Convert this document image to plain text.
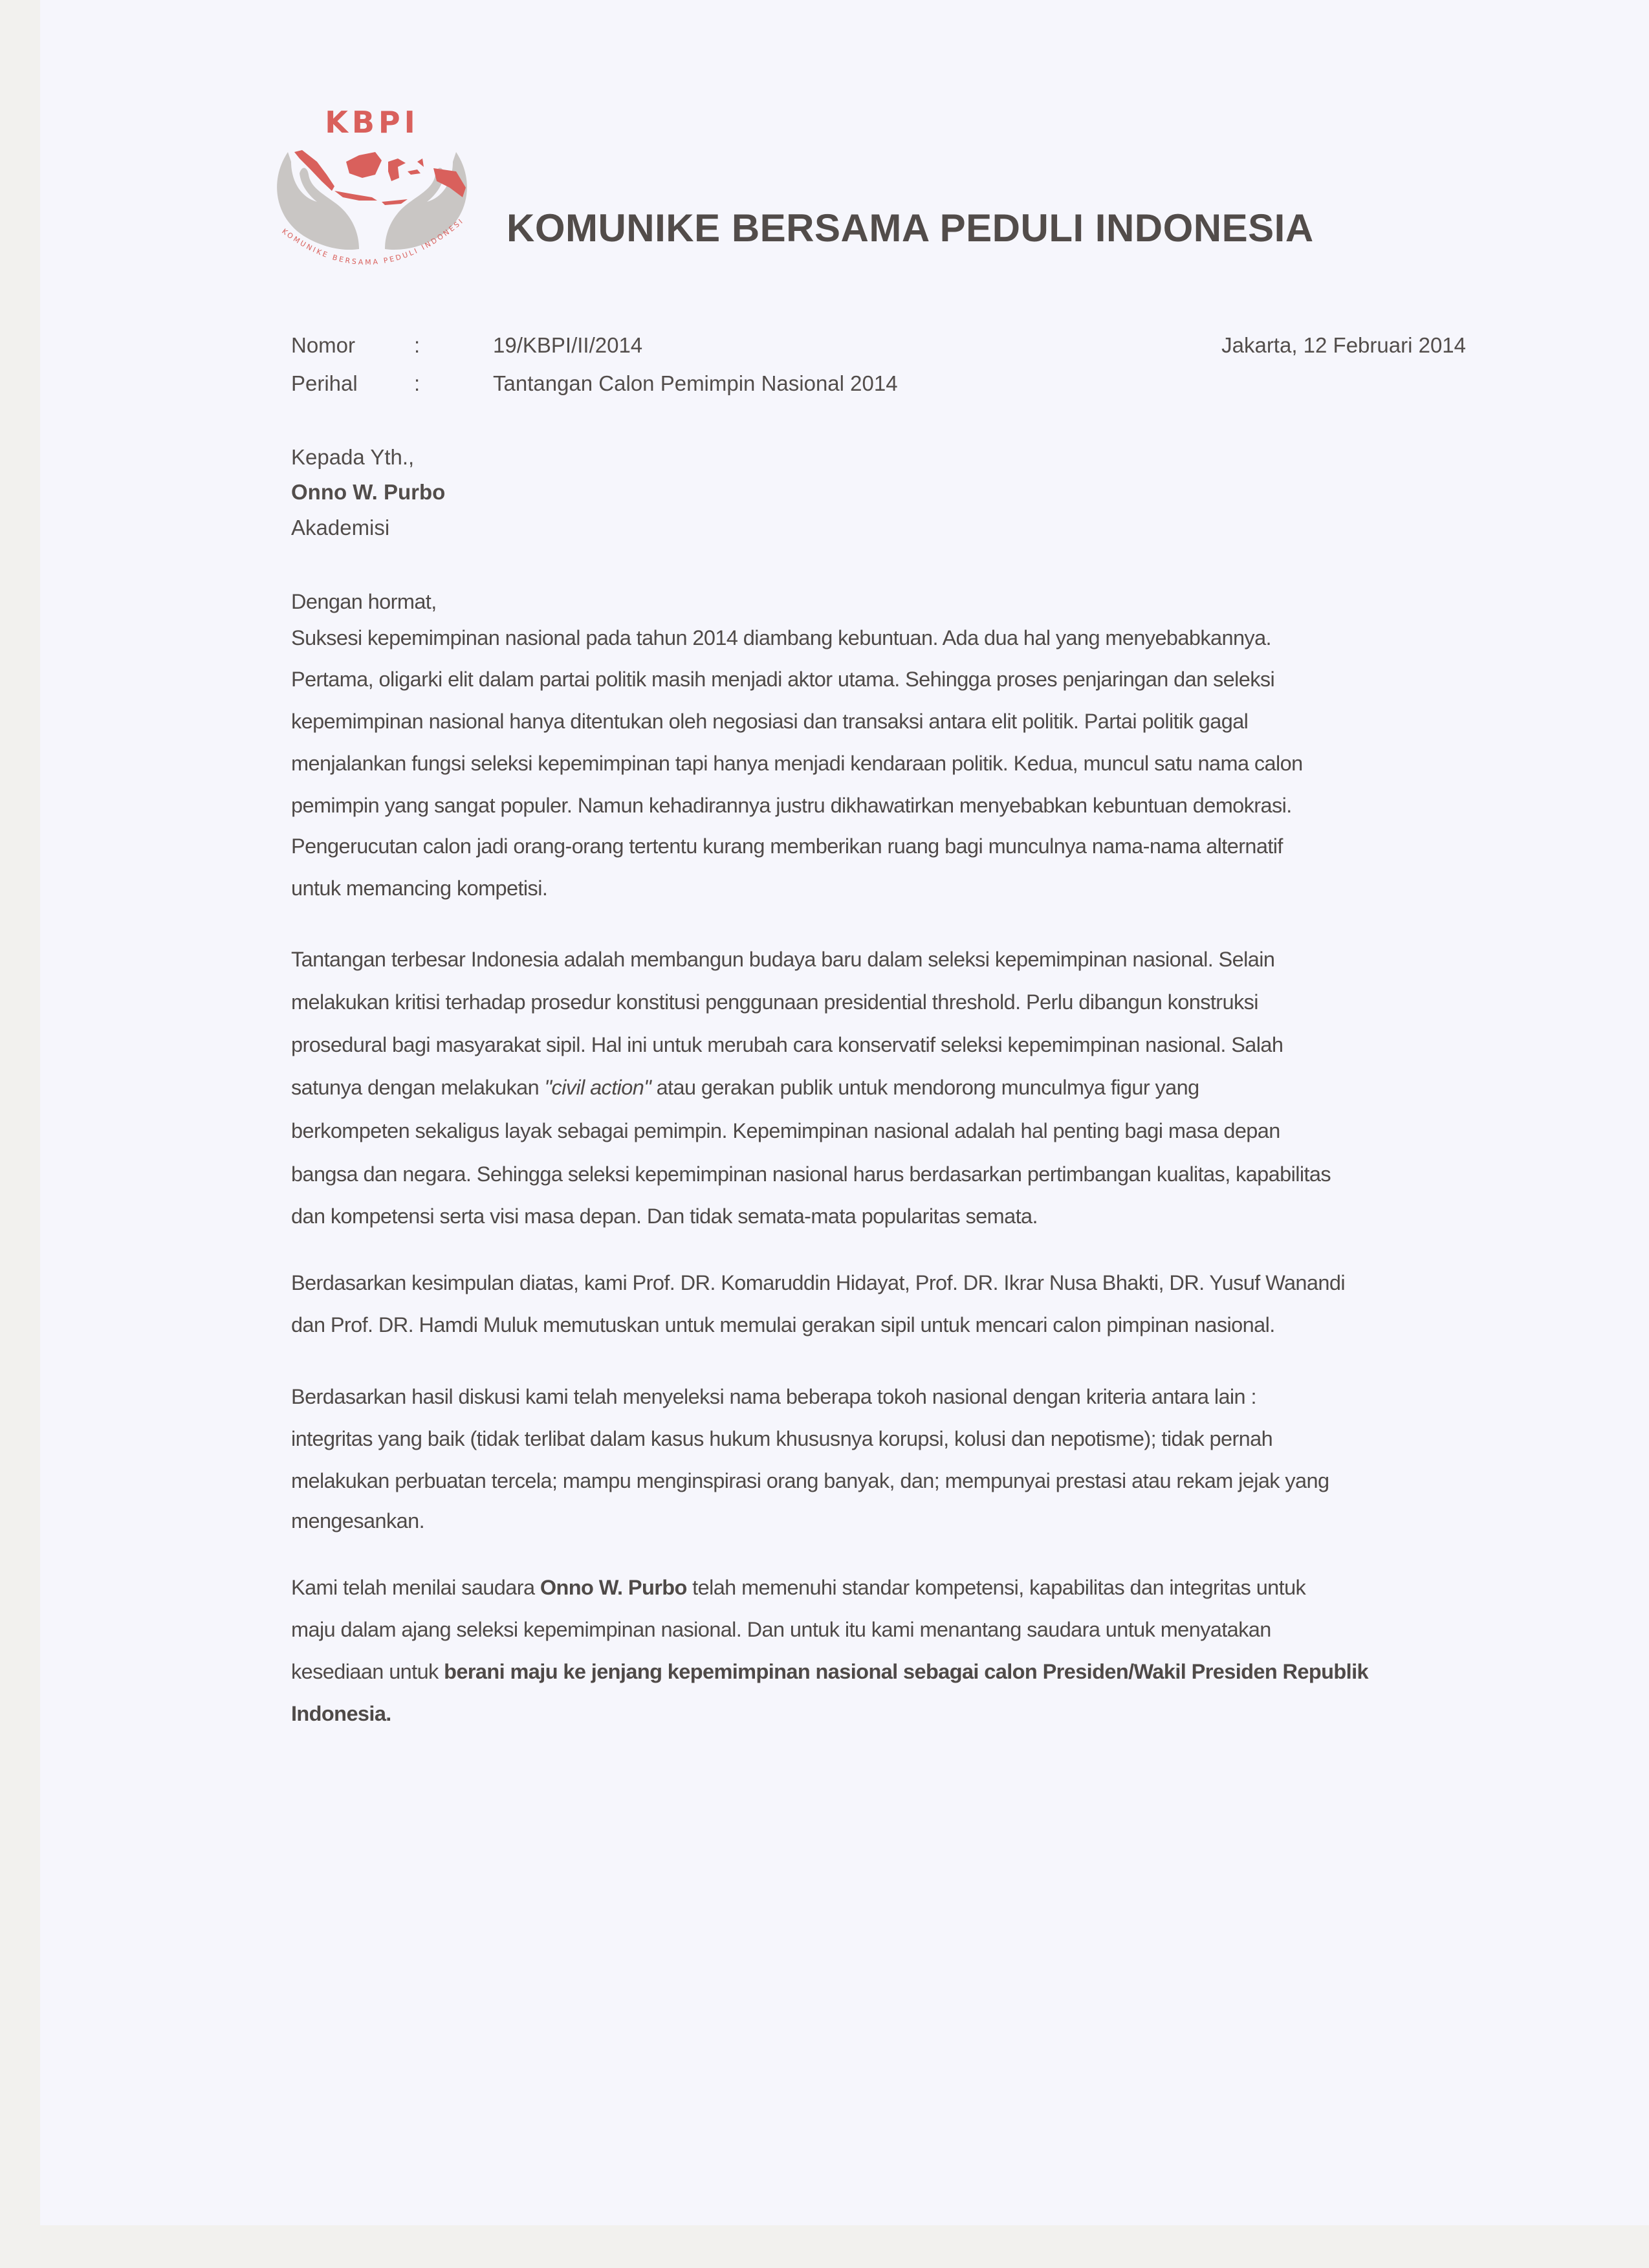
KBPI
KOMUNIKE BERSAMA PEDULI INDONESI KOMUNIKE BERSAMA PEDULI INDONESIA
Nomor	:	19/KBPI/II/2014	Jakarta, 12 Februari 2014
Perihal	:	Tantangan Calon Pemimpin Nasional 2014
Kepada Yth.,
Onno W. Purbo
Akademisi
Dengan hormat,
Suksesi kepemimpinan nasional pada tahun 2014 diambang kebuntuan. Ada dua hal yang menyebabkannya.
Pertama, oligarki elit dalam partai politik masih menjadi aktor utama. Sehingga proses penjaringan dan seleksi
kepemimpinan nasional hanya ditentukan oleh negosiasi dan transaksi antara elit politik. Partai politik gagal
menjalankan fungsi seleksi kepemimpinan tapi hanya menjadi kendaraan politik. Kedua, muncul satu nama calon
pemimpin yang sangat populer. Namun kehadirannya justru dikhawatirkan menyebabkan kebuntuan demokrasi.
Pengerucutan calon jadi orang-orang tertentu kurang memberikan ruang bagi munculnya nama-nama alternatif
untuk memancing kompetisi.
Tantangan terbesar Indonesia adalah membangun budaya baru dalam seleksi kepemimpinan nasional. Selain
melakukan kritisi terhadap prosedur konstitusi penggunaan presidential threshold. Perlu dibangun konstruksi
prosedural bagi masyarakat sipil. Hal ini untuk merubah cara konservatif seleksi kepemimpinan nasional. Salah
satunya dengan melakukan "civil action" atau gerakan publik untuk mendorong munculmya figur yang
berkompeten sekaligus layak sebagai pemimpin. Kepemimpinan nasional adalah hal penting bagi masa depan
bangsa dan negara. Sehingga seleksi kepemimpinan nasional harus berdasarkan pertimbangan kualitas, kapabilitas
dan kompetensi serta visi masa depan. Dan tidak semata-mata popularitas semata.
Berdasarkan kesimpulan diatas, kami Prof. DR. Komaruddin Hidayat, Prof. DR. Ikrar Nusa Bhakti, DR. Yusuf Wanandi
dan Prof. DR. Hamdi Muluk memutuskan untuk memulai gerakan sipil untuk mencari calon pimpinan nasional.
Berdasarkan hasil diskusi kami telah menyeleksi nama beberapa tokoh nasional dengan kriteria antara lain :
integritas yang baik (tidak terlibat dalam kasus hukum khususnya korupsi, kolusi dan nepotisme); tidak pernah
melakukan perbuatan tercela; mampu menginspirasi orang banyak, dan; mempunyai prestasi atau rekam jejak yang
mengesankan.
Kami telah menilai saudara Onno W. Purbo telah memenuhi standar kompetensi, kapabilitas dan integritas untuk
maju dalam ajang seleksi kepemimpinan nasional. Dan untuk itu kami menantang saudara untuk menyatakan
kesediaan untuk berani maju ke jenjang kepemimpinan nasional sebagai calon Presiden/Wakil Presiden Republik
Indonesia.
